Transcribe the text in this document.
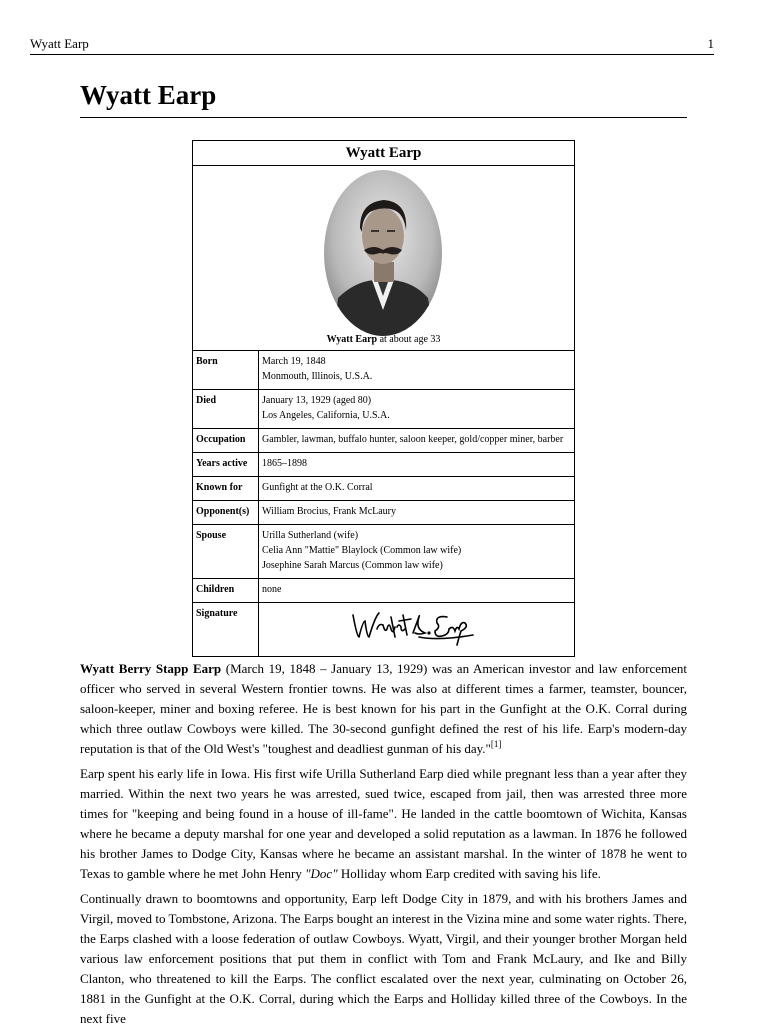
Wyatt Earp	1
Wyatt Earp
Wyatt Earp	

Wyatt Earp at about age 33	

Born	March 19, 1848
Monmouth, Illinois, U.S.A.

Died	January 13, 1929 (aged 80)
Los Angeles, California, U.S.A.

Occupation	Gambler, lawman, buffalo hunter, saloon keeper, gold/copper miner, barber

Years active	1865–1898

Known for	Gunfight at the O.K. Corral

Opponent(s)	William Brocius, Frank McLaury

Spouse	Urilla Sutherland (wife)
Celia Ann "Mattie" Blaylock (Common law wife)
Josephine Sarah Marcus (Common law wife)

Children	none

Signature	

Wyatt Berry Stapp Earp (March 19, 1848 – January 13, 1929) was an American investor and law enforcement officer who served in several Western frontier towns. He was also at different times a farmer, teamster, bouncer, saloon-keeper, miner and boxing referee. He is best known for his part in the Gunfight at the O.K. Corral during which three outlaw Cowboys were killed. The 30-second gunfight defined the rest of his life. Earp's modern-day reputation is that of the Old West's "toughest and deadliest gunman of his day."[1]

Earp spent his early life in Iowa. His first wife Urilla Sutherland Earp died while pregnant less than a year after they married. Within the next two years he was arrested, sued twice, escaped from jail, then was arrested three more times for "keeping and being found in a house of ill-fame". He landed in the cattle boomtown of Wichita, Kansas where he became a deputy marshal for one year and developed a solid reputation as a lawman. In 1876 he followed his brother James to Dodge City, Kansas where he became an assistant marshal. In the winter of 1878 he went to Texas to gamble where he met John Henry "Doc" Holliday whom Earp credited with saving his life.

Continually drawn to boomtowns and opportunity, Earp left Dodge City in 1879, and with his brothers James and Virgil, moved to Tombstone, Arizona. The Earps bought an interest in the Vizina mine and some water rights. There, the Earps clashed with a loose federation of outlaw Cowboys. Wyatt, Virgil, and their younger brother Morgan held various law enforcement positions that put them in conflict with Tom and Frank McLaury, and Ike and Billy Clanton, who threatened to kill the Earps. The conflict escalated over the next year, culminating on October 26, 1881 in the Gunfight at the O.K. Corral, during which the Earps and Holliday killed three of the Cowboys. In the next five
